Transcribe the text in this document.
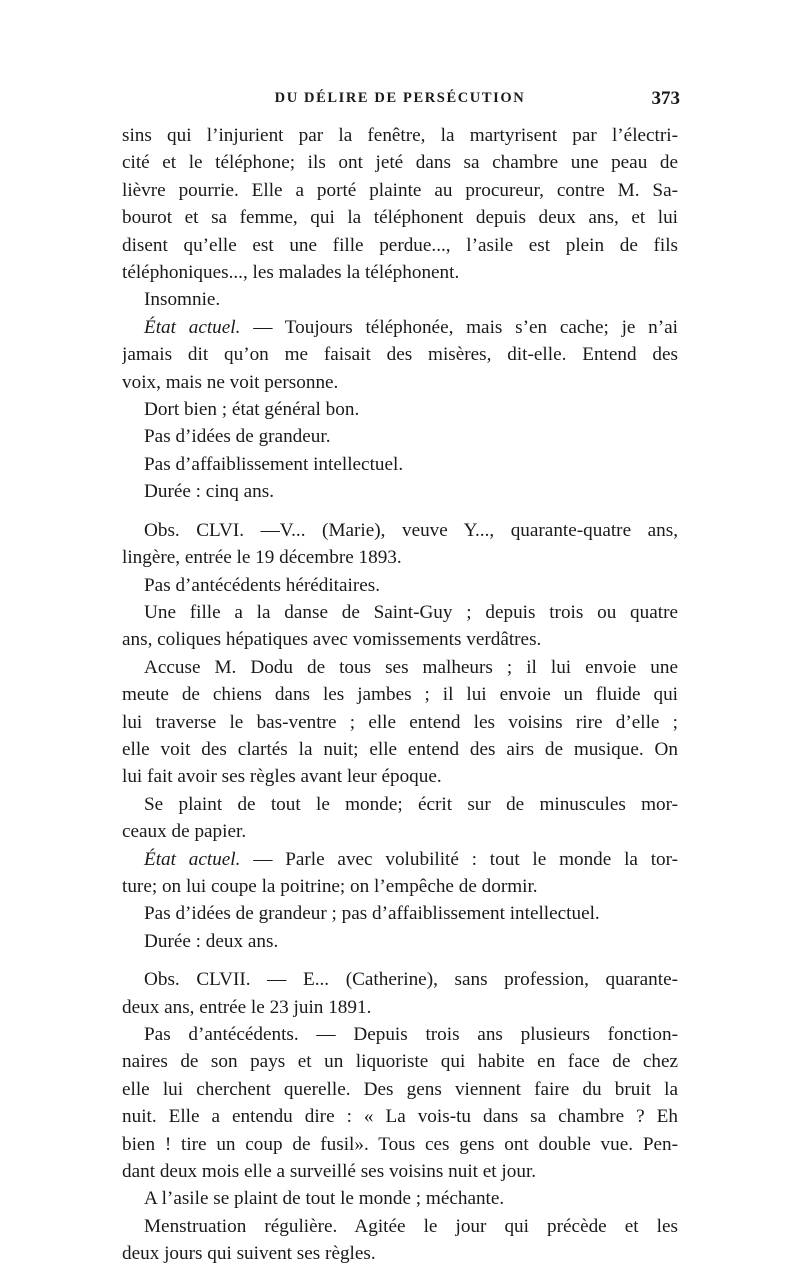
DU DÉLIRE DE PERSÉCUTION	373
sins qui l’injurient par la fenêtre, la martyrisent par l’électri-
cité et le téléphone; ils ont jeté dans sa chambre une peau de
lièvre pourrie. Elle a porté plainte au procureur, contre M. Sa-
bourot et sa femme, qui la téléphonent depuis deux ans, et lui
disent qu’elle est une fille perdue..., l’asile est plein de fils
téléphoniques..., les malades la téléphonent.
Insomnie.
État actuel. — Toujours téléphonée, mais s’en cache; je n’ai
jamais dit qu’on me faisait des misères, dit-elle. Entend des
voix, mais ne voit personne.
Dort bien ; état général bon.
Pas d’idées de grandeur.
Pas d’affaiblissement intellectuel.
Durée : cinq ans.
Obs. CLVI. —V... (Marie), veuve Y..., quarante-quatre ans,
lingère, entrée le 19 décembre 1893.
Pas d’antécédents héréditaires.
Une fille a la danse de Saint-Guy ; depuis trois ou quatre
ans, coliques hépatiques avec vomissements verdâtres.
Accuse M. Dodu de tous ses malheurs ; il lui envoie une
meute de chiens dans les jambes ; il lui envoie un fluide qui
lui traverse le bas-ventre ; elle entend les voisins rire d’elle ;
elle voit des clartés la nuit; elle entend des airs de musique. On
lui fait avoir ses règles avant leur époque.
Se plaint de tout le monde; écrit sur de minuscules mor-
ceaux de papier.
État actuel. — Parle avec volubilité : tout le monde la tor-
ture; on lui coupe la poitrine; on l’empêche de dormir.
Pas d’idées de grandeur ; pas d’affaiblissement intellectuel.
Durée : deux ans.
Obs. CLVII. — E... (Catherine), sans profession, quarante-
deux ans, entrée le 23 juin 1891.
Pas d’antécédents. — Depuis trois ans plusieurs fonction-
naires de son pays et un liquoriste qui habite en face de chez
elle lui cherchent querelle. Des gens viennent faire du bruit la
nuit. Elle a entendu dire : « La vois-tu dans sa chambre ? Eh
bien ! tire un coup de fusil». Tous ces gens ont double vue. Pen-
dant deux mois elle a surveillé ses voisins nuit et jour.
A l’asile se plaint de tout le monde ; méchante.
Menstruation régulière. Agitée le jour qui précède et les
deux jours qui suivent ses règles.
